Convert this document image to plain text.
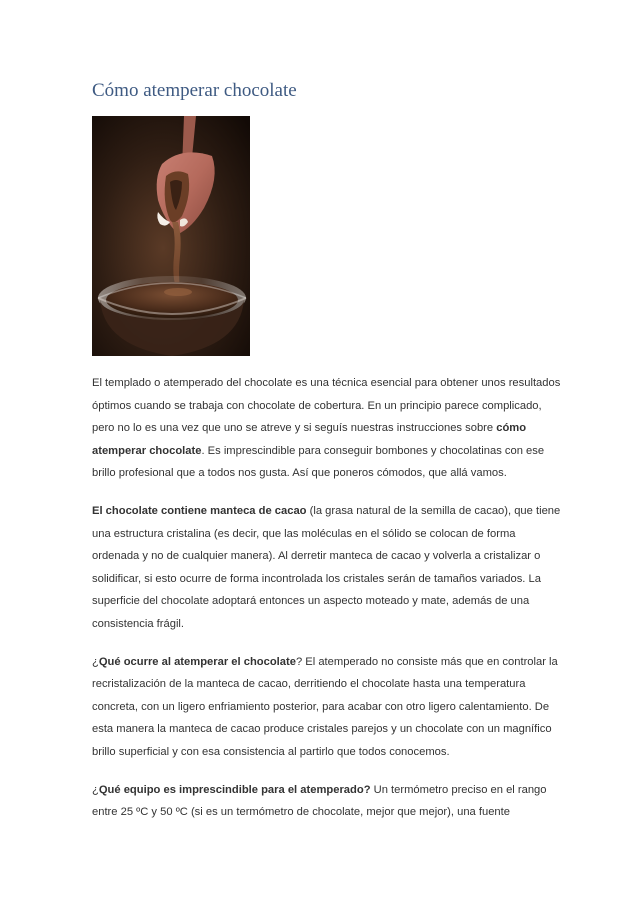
Cómo atemperar chocolate

El templado o atemperado del chocolate es una técnica esencial para obtener unos resultados óptimos cuando se trabaja con chocolate de cobertura. En un principio parece complicado, pero no lo es una vez que uno se atreve y si seguís nuestras instrucciones sobre cómo atemperar chocolate. Es imprescindible para conseguir bombones y chocolatinas con ese brillo profesional que a todos nos gusta. Así que poneros cómodos, que allá vamos.

El chocolate contiene manteca de cacao (la grasa natural de la semilla de cacao), que tiene una estructura cristalina (es decir, que las moléculas en el sólido se colocan de forma ordenada y no de cualquier manera). Al derretir manteca de cacao y volverla a cristalizar o solidificar, si esto ocurre de forma incontrolada los cristales serán de tamaños variados. La superficie del chocolate adoptará entonces un aspecto moteado y mate, además de una consistencia frágil.

¿Qué ocurre al atemperar el chocolate? El atemperado no consiste más que en controlar la recristalización de la manteca de cacao, derritiendo el chocolate hasta una temperatura concreta, con un ligero enfriamiento posterior, para acabar con otro ligero calentamiento. De esta manera la manteca de cacao produce cristales parejos y un chocolate con un magnífico brillo superficial y con esa consistencia al partirlo que todos conocemos.

¿Qué equipo es imprescindible para el atemperado? Un termómetro preciso en el rango entre 25 ºC y 50 ºC (si es un termómetro de chocolate, mejor que mejor), una fuente
